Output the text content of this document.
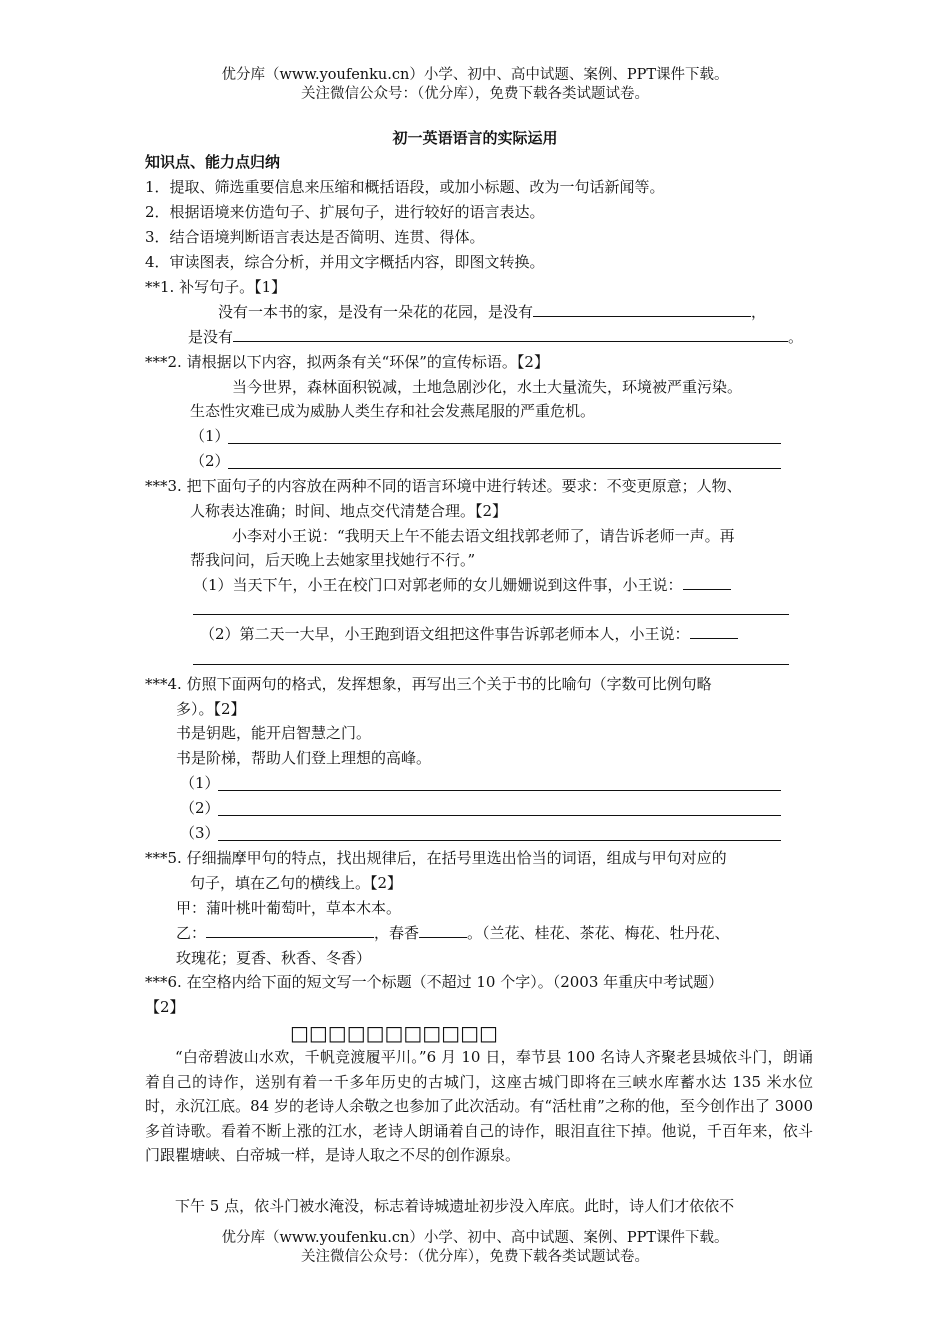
优分库（www.youfenku.cn）小学、初中、高中试题、案例、PPT课件下载。
关注微信公众号：（优分库），免费下载各类试题试卷。
初一英语语言的实际运用
知识点、能力点归纳
1．提取、筛选重要信息来压缩和概括语段，或加小标题、改为一句话新闻等。
2．根据语境来仿造句子、扩展句子，进行较好的语言表达。
3．结合语境判断语言表达是否简明、连贯、得体。
4．审读图表，综合分析，并用文字概括内容，即图文转换。
**1. 补写句子。【1】
没有一本书的家，是没有一朵花的花园，是没有	，
是没有	。
***2. 请根据以下内容，拟两条有关“环保”的宣传标语。【2】
当今世界，森林面积锐减，土地急剧沙化，水土大量流失，环境被严重污染。
生态性灾难已成为威胁人类生存和社会发燕尾服的严重危机。
（1）
（2）
***3. 把下面句子的内容放在两种不同的语言环境中进行转述。要求：不变更原意；人物、
人称表达准确；时间、地点交代清楚合理。【2】
小李对小王说：“我明天上午不能去语文组找郭老师了，请告诉老师一声。再
帮我问问，后天晚上去她家里找她行不行。”
（1）当天下午，小王在校门口对郭老师的女儿姗姗说到这件事，小王说：
（2）第二天一大早，小王跑到语文组把这件事告诉郭老师本人，小王说：
***4. 仿照下面两句的格式，发挥想象，再写出三个关于书的比喻句（字数可比例句略
多）。【2】
书是钥匙，能开启智慧之门。
书是阶梯，帮助人们登上理想的高峰。
（1）
（2）
（3）
***5. 仔细揣摩甲句的特点，找出规律后，在括号里选出恰当的词语，组成与甲句对应的
句子，填在乙句的横线上。【2】
甲：蒲叶桃叶葡萄叶，草本木本。
乙：	，春香	。（兰花、桂花、茶花、梅花、牡丹花、
玫瑰花；夏香、秋香、冬香）
***6. 在空格内给下面的短文写一个标题（不超过 10 个字）。（2003 年重庆中考试题）
【2】
□□□□□□□□□□□
“白帝碧波山水欢，千帆竞渡履平川。”6 月 10 日，奉节县 100 名诗人齐聚老县城依斗门，朗诵着自己的诗作，送别有着一千多年历史的古城门，这座古城门即将在三峡水库蓄水达 135 米水位时，永沉江底。84 岁的老诗人余敬之也参加了此次活动。有“活杜甫”之称的他，至今创作出了 3000 多首诗歌。看着不断上涨的江水，老诗人朗诵着自己的诗作，眼泪直往下掉。他说，千百年来，依斗门跟瞿塘峡、白帝城一样，是诗人取之不尽的创作源泉。
下午 5 点，依斗门被水淹没，标志着诗城遗址初步没入库底。此时，诗人们才依依不
优分库（www.youfenku.cn）小学、初中、高中试题、案例、PPT课件下载。
关注微信公众号：（优分库），免费下载各类试题试卷。
